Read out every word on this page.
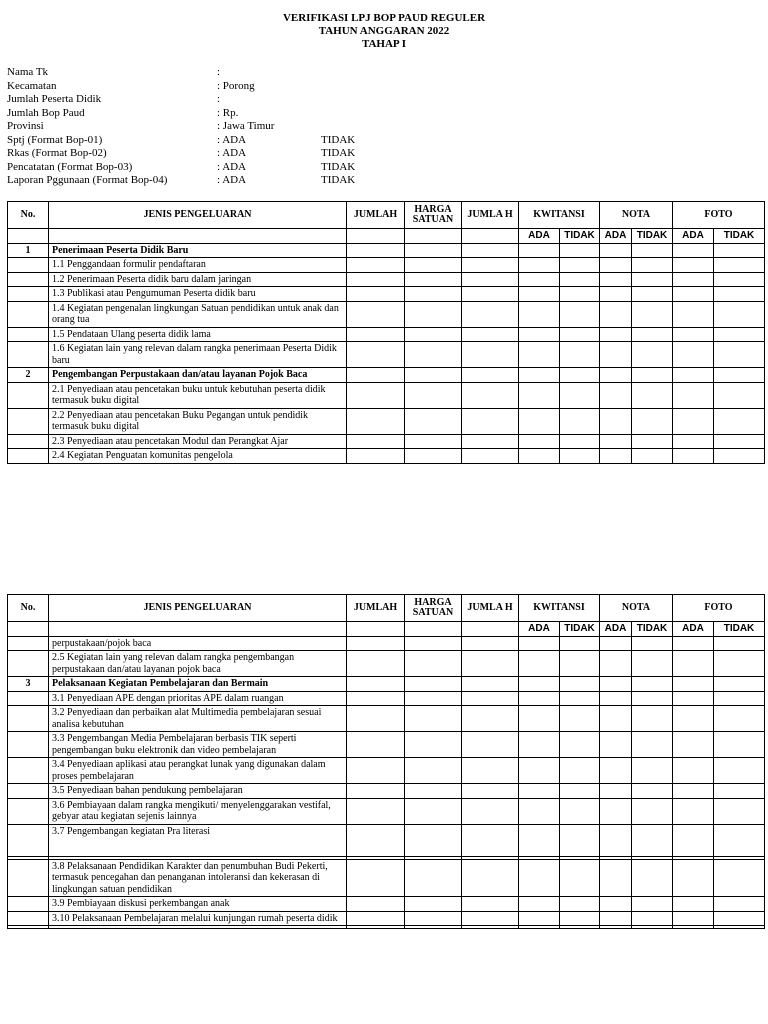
VERIFIKASI LPJ BOP PAUD REGULER
TAHUN ANGGARAN 2022
TAHAP I
Nama Tk	:
Kecamatan	: Porong
Jumlah Peserta Didik	:
Jumlah Bop Paud	: Rp.
Provinsi	: Jawa Timur
Sptj (Format Bop-01)	: ADA	TIDAK
Rkas (Format Bop-02)	: ADA	TIDAK
Pencatatan (Format Bop-03)	: ADA	TIDAK
Laporan Pggunaan (Format Bop-04)	: ADA	TIDAK
No.	JENIS PENGELUARAN	JUMLAH	HARGA SATUAN	JUMLA H	KWITANSI		NOTA		FOTO	
					ADA	TIDAK	ADA	TIDAK	ADA	TIDAK
1	Penerimaan Peserta Didik Baru									
	1.1 Penggandaan formulir pendaftaran									
	1.2 Penerimaan Peserta didik baru dalam jaringan									
	1.3 Publikasi atau Pengumuman Peserta didik baru									
	1.4 Kegiatan pengenalan lingkungan Satuan pendidikan untuk anak dan orang tua									
	1.5 Pendataan Ulang peserta didik lama									
	1.6 Kegiatan lain yang relevan dalam rangka penerimaan Peserta Didik baru									
2	Pengembangan Perpustakaan dan/atau layanan Pojok Baca									
	2.1 Penyediaan atau pencetakan buku untuk kebutuhan peserta didik termasuk buku digital									
	2.2 Penyediaan atau pencetakan Buku Pegangan untuk pendidik termasuk buku digital									
	2.3 Penyediaan atau pencetakan Modul dan Perangkat Ajar									
	2.4 Kegiatan Penguatan komunitas pengelola									
No.	JENIS PENGELUARAN	JUMLAH	HARGA SATUAN	JUMLA H	KWITANSI		NOTA		FOTO	
					ADA	TIDAK	ADA	TIDAK	ADA	TIDAK
	perpustakaan/pojok baca									
	2.5 Kegiatan lain yang relevan dalam rangka pengembangan perpustakaan dan/atau layanan pojok baca									
3	Pelaksanaan Kegiatan Pembelajaran dan Bermain									
	3.1 Penyediaan APE dengan prioritas APE dalam ruangan									
	3.2 Penyediaan dan perbaikan alat Multimedia pembelajaran sesuai analisa kebutuhan									
	3.3 Pengembangan Media Pembelajaran berbasis TIK seperti pengembangan buku elektronik dan video pembelajaran									
	3.4 Penyediaan aplikasi atau perangkat lunak yang digunakan dalam proses pembelajaran									
	3.5 Penyediaan bahan pendukung pembelajaran									
	3.6 Pembiayaan dalam rangka mengikuti/ menyelenggarakan vestifal, gebyar atau kegiatan sejenis lainnya									
	3.7 Pengembangan kegiatan Pra literasi									

	3.8 Pelaksanaan Pendidikan Karakter dan penumbuhan Budi Pekerti, termasuk pencegahan dan penanganan intoleransi dan kekerasan di lingkungan satuan pendidikan									
	3.9 Pembiayaan diskusi perkembangan anak									
	3.10 Pelaksanaan Pembelajaran melalui kunjungan rumah peserta didik									
